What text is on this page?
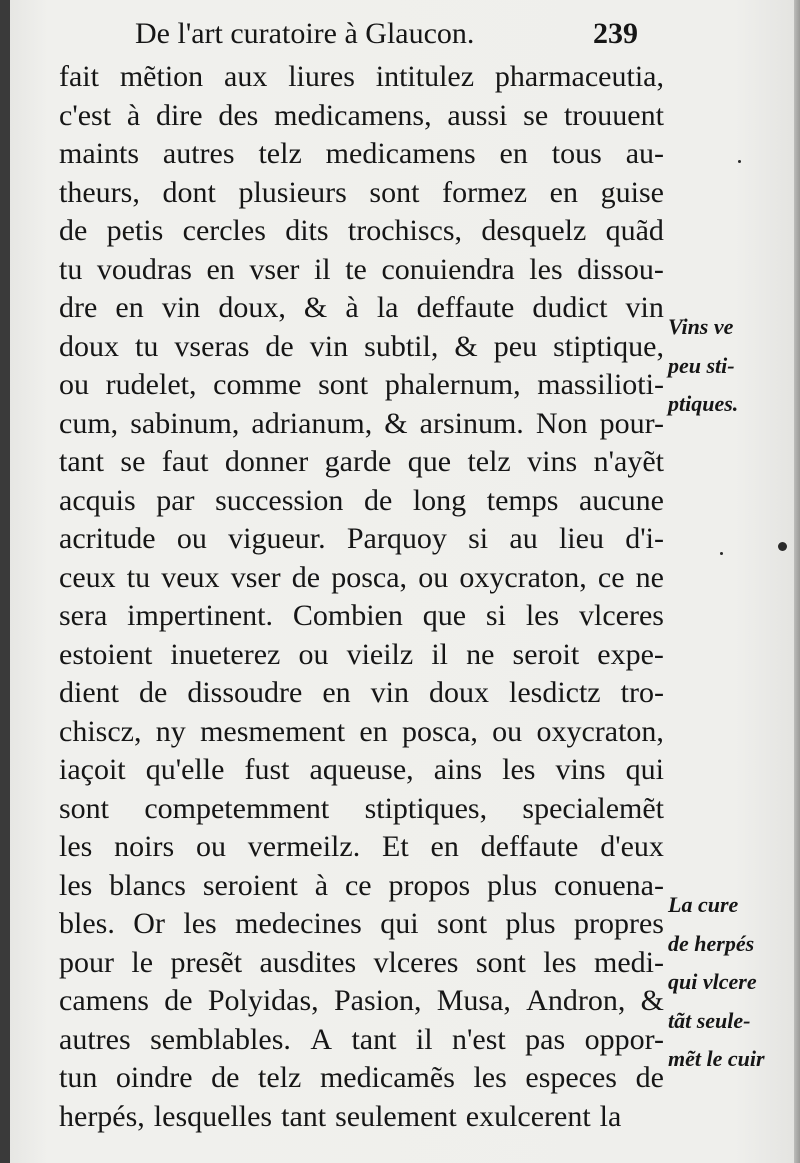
De l'art curatoire à Glaucon.	239
fait mẽtion aux liures intitulez pharmaceutia,
c'est à dire des medicamens, aussi se trouuent
maints autres telz medicamens en tous au-
theurs, dont plusieurs sont formez en guise
de petis cercles dits trochiscs, desquelz quãd
tu voudras en vser il te conuiendra les dissou-
dre en vin doux, & à la deffaute dudict vin
doux tu vseras de vin subtil, & peu stiptique,
ou rudelet, comme sont phalernum, massilioti-
cum, sabinum, adrianum, & arsinum. Non pour-
tant se faut donner garde que telz vins n'ayẽt
acquis par succession de long temps aucune
acritude ou vigueur. Parquoy si au lieu d'i-
ceux tu veux vser de posca, ou oxycraton, ce ne
sera impertinent. Combien que si les vlceres
estoient inueterez ou vieilz il ne seroit expe-
dient de dissoudre en vin doux lesdictz tro-
chiscz, ny mesmement en posca, ou oxycraton,
iaçoit qu'elle fust aqueuse, ains les vins qui
sont competemment stiptiques, specialemẽt
les noirs ou vermeilz. Et en deffaute d'eux
les blancs seroient à ce propos plus conuena-
bles. Or les medecines qui sont plus propres
pour le presẽt ausdites vlceres sont les medi-
camens de Polyidas, Pasion, Musa, Andron, &
autres semblables. A tant il n'est pas oppor-
tun oindre de telz medicamẽs les especes de
herpés, lesquelles tant seulement exulcerent la
Vins ve
peu sti-
ptiques.
La cure
de herpés
qui vlcere
tãt seule-
mẽt le cuir
